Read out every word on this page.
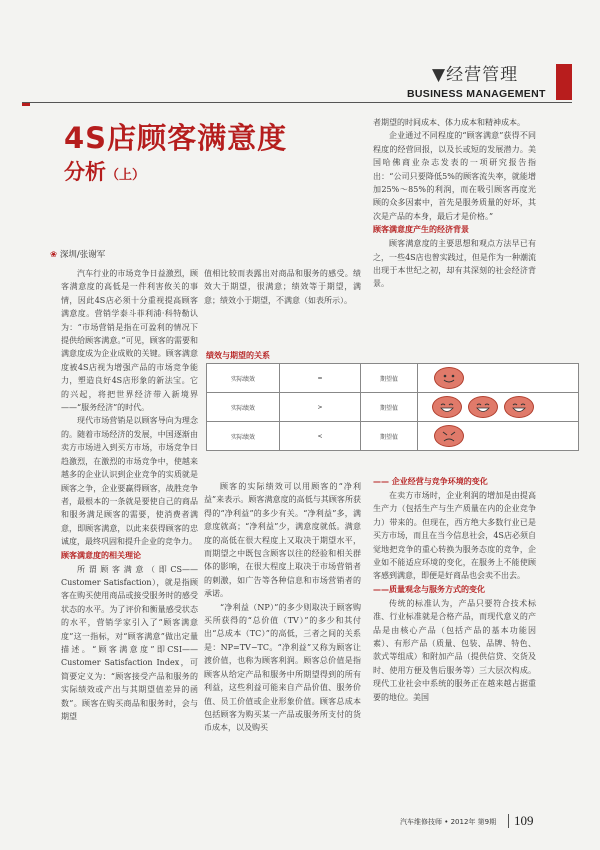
▼经营管理
BUSINESS MANAGEMENT
4S店顾客满意度
分析（上）
❀ 深圳/张谢军

汽车行业的市场竞争日益激烈，顾客满意度的高低是一件利害攸关的事情，因此4S店必须十分重视提高顾客满意度。营销学泰斗菲利浦·科特勒认为：“市场营销是指在可盈利的情况下提供给顾客满意。”可见，顾客的需要和满意度成为企业成败的关键。顾客满意度被4S店视为增强产品的市场竞争能力，塑造良好4S店形象的新法宝。它的兴起，将把世界经济带入新境界——“服务经济”的时代。

现代市场营销是以顾客导向为理念的。随着市场经济的发展，中国逐渐由卖方市场进入到买方市场，市场竞争日趋激烈，在激烈的市场竞争中，使越来越多的企业认识到企业竞争的实质就是顾客之争，企业要赢得顾客，战胜竞争者，最根本的一条就是要使自己的商品和服务满足顾客的需要，使消费者满意，即顾客满意，以此来获得顾客的忠诚度，最终巩固和提升企业的竞争力。

顾客满意度的相关理论

所谓顾客满意（即CS——Customer Satisfaction），就是指顾客在购买使用商品或接受服务时的感受状态的水平。为了评价和衡量感受状态的水平，营销学家引入了“顾客满意度”这一指标，对“顾客满意”做出定量描述。“顾客满意度”即CSI——Customer Satisfaction Index，可简要定义为：“顾客接受产品和服务的实际绩效或产出与其期望值差异的函数”。顾客在购买商品和服务时，会与期望

值相比较而表露出对商品和服务的感受。绩效大于期望，很满意；绩效等于期望，满意；绩效小于期望，不满意（如表所示）。

绩效与期望的关系
实际绩效	=	期望值	

实际绩效	>	期望值	

实际绩效	<	期望值	

顾客的实际绩效可以用顾客的“净利益”来表示。顾客满意度的高低与其顾客所获得的“净利益”的多少有关。“净利益”多，满意度就高；“净利益”少，满意度就低。满意度的高低在很大程度上又取决于期望水平，而期望之中既包含顾客以往的经验和相关群体的影响，在很大程度上取决于市场营销者的刺激，如广告等各种信息和市场营销者的承诺。

“净利益（NP）”的多少则取决于顾客购买所获得的“总价值（TV）”的多少和其付出“总成本（TC）”的高低，三者之间的关系是：NP=TV−TC。“净利益”又称为顾客让渡价值，也称为顾客利润。顾客总价值是指顾客从给定产品和服务中所期望得到的所有利益，这些利益可能来自产品价值、服务价值、员工价值或企业形象价值。顾客总成本包括顾客为购买某一产品或服务所支付的货币成本，以及购买

者期望的时间成本、体力成本和精神成本。

企业通过不同程度的“顾客满意”获得不同程度的经营回报，以及长或短的发展潜力。美国哈佛商业杂志发表的一项研究报告指出：“公司只要降低5%的顾客流失率，就能增加25%～85%的利润，而在吸引顾客再度光顾的众多因素中，首先是服务质量的好坏，其次是产品的本身，最后才是价格。”

顾客满意度产生的经济背景

顾客满意度的主要思想和观点方法早已有之，一些4S店也曾实践过，但是作为一种潮流出现于本世纪之初，却有其深刻的社会经济背景。

—— 企业经营与竞争环境的变化

在卖方市场时，企业利润的增加是由提高生产力（包括生产与生产质量在内的企业竞争力）带来的。但现在，西方绝大多数行业已是买方市场，而且在当今信息社会，4S店必须自觉地把竞争的重心转换为服务态度的竞争，企业如不能适应环境的变化，在服务上不能使顾客感到满意，即便是好商品也会卖不出去。

——质量观念与服务方式的变化

传统的标准认为，产品只要符合技术标准、行业标准就是合格产品，而现代意义的产品是由核心产品（包括产品的基本功能因素）、有形产品（质量、包装、品牌、特色、款式等组成）和附加产品（提供信贷、交货及时、使用方便及售后服务等）三大层次构成。现代工业社会中系统的服务正在越来越占据重要的地位。美国

汽车维修技师 • 2012年 第9期 109
